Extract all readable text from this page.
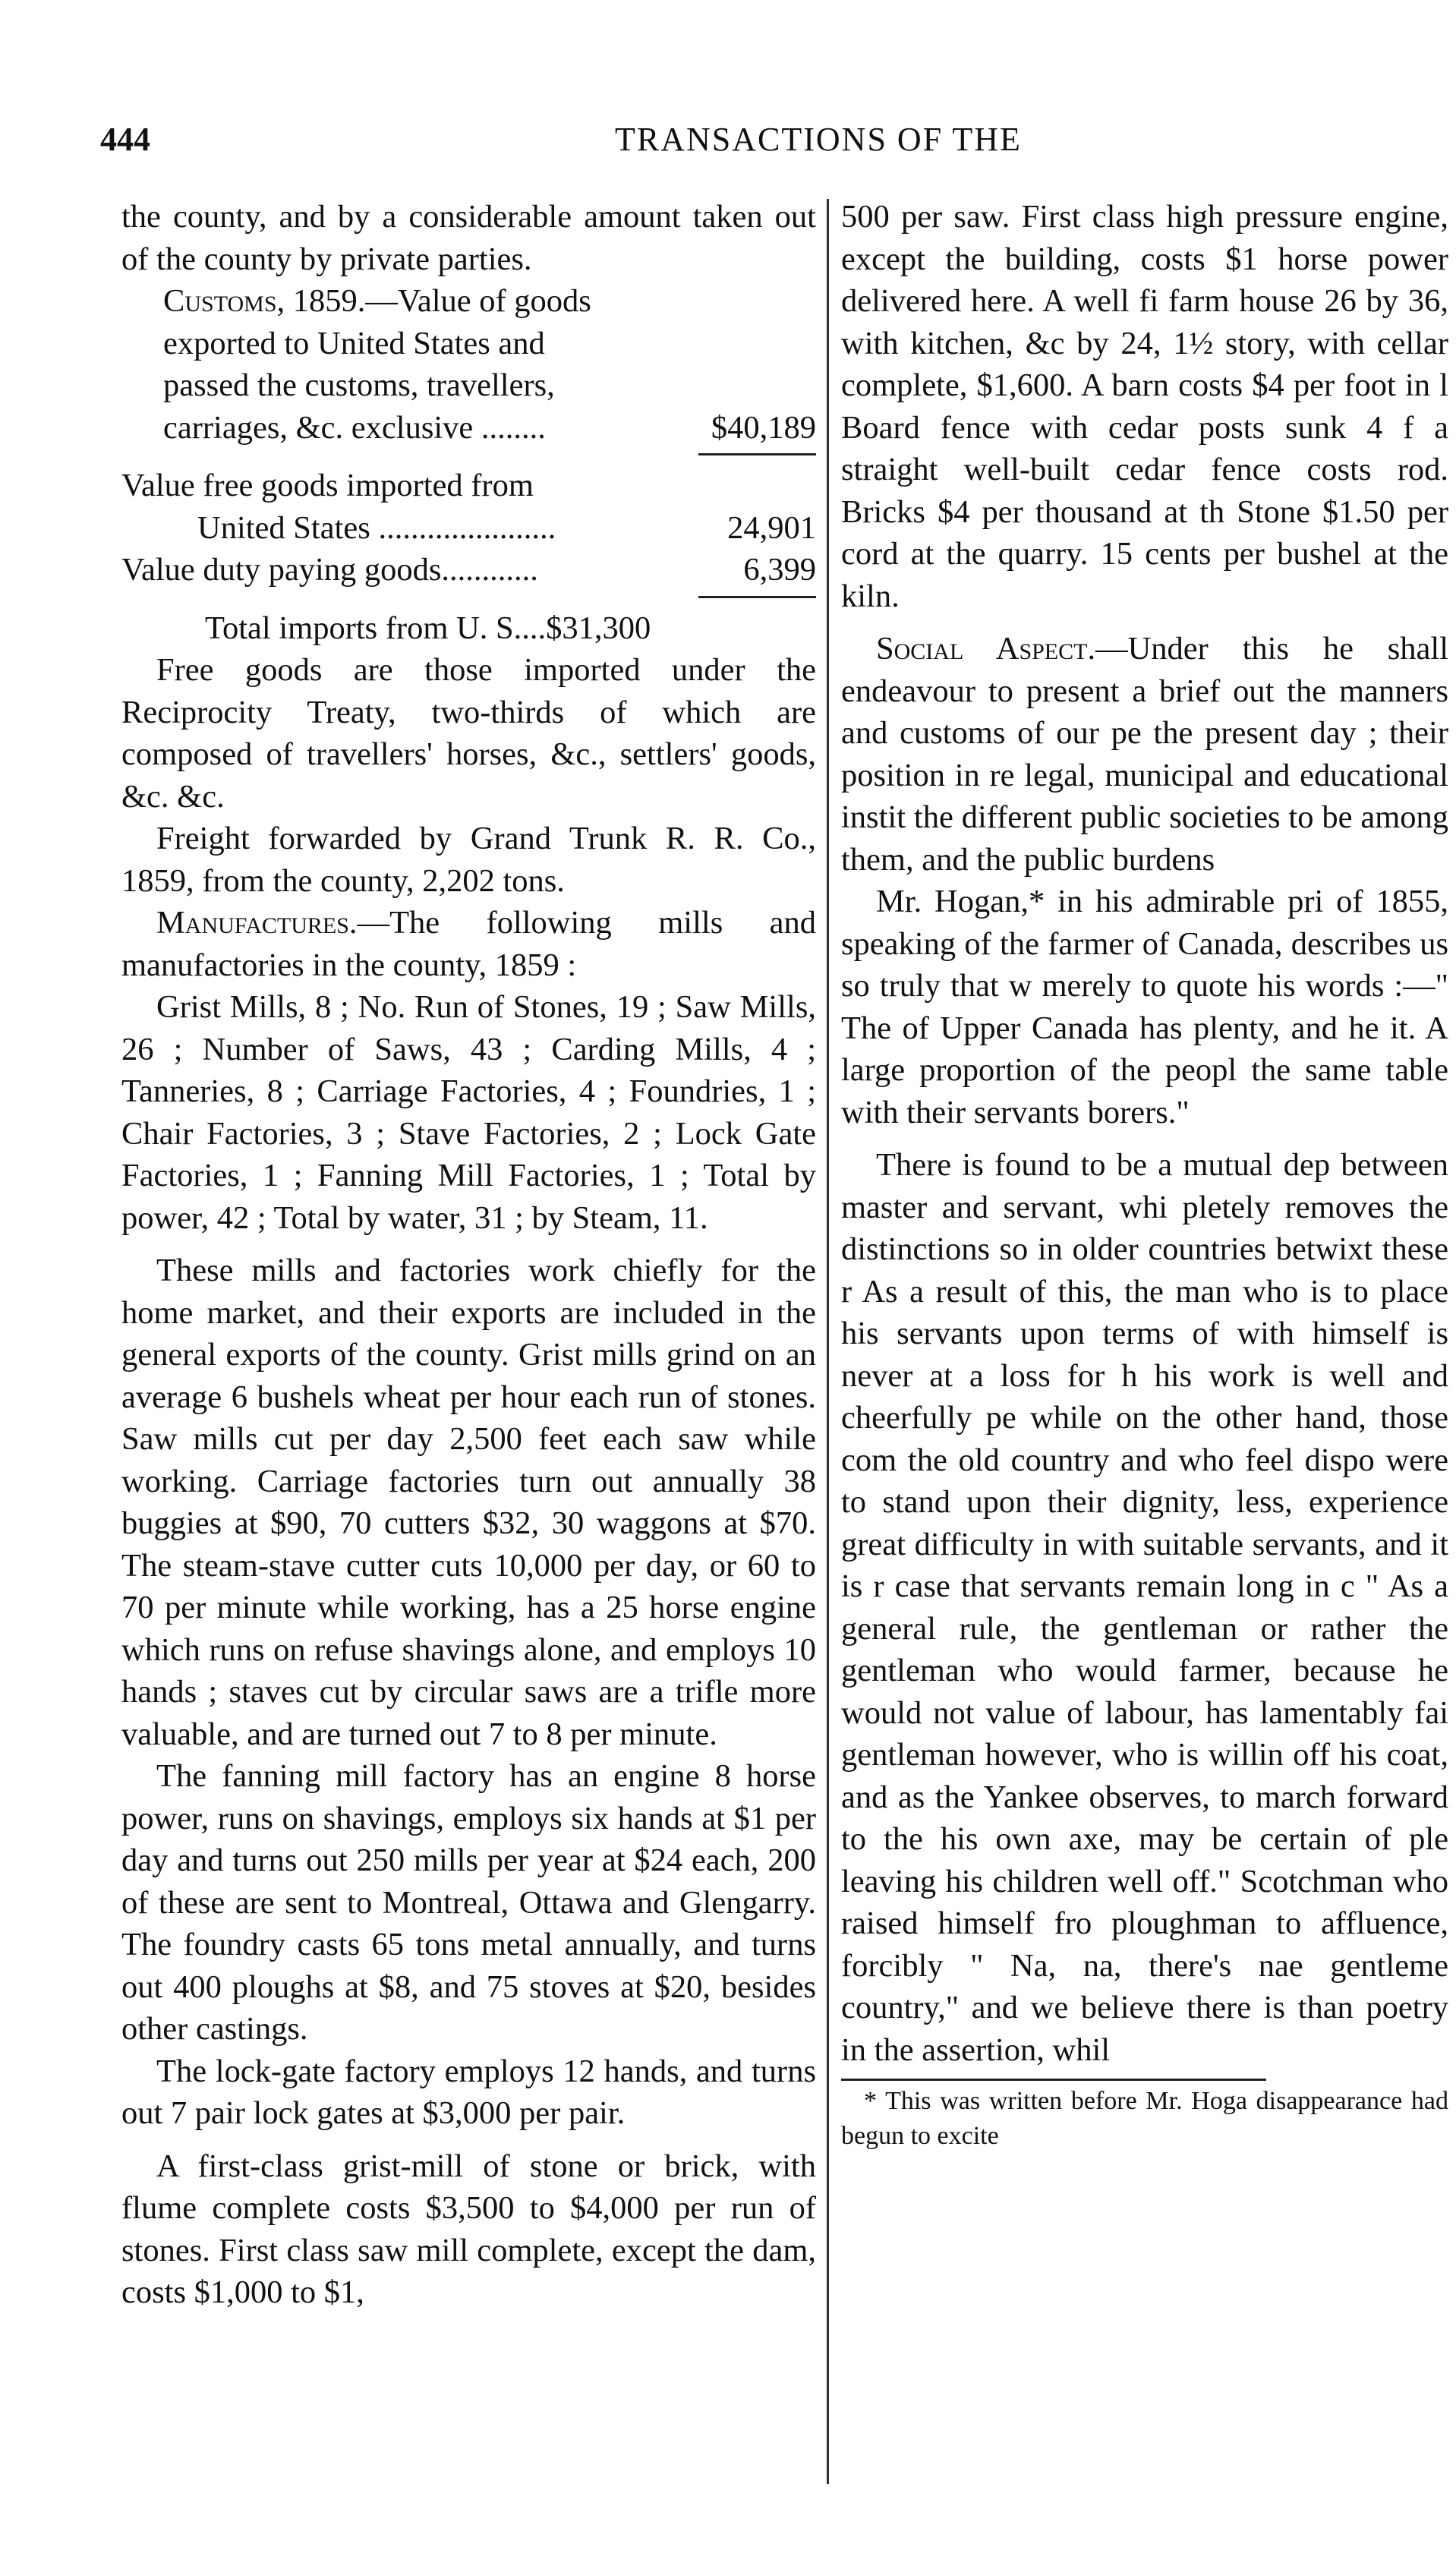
444	TRANSACTIONS OF THE

the county, and by a considerable amount taken out of the county by private parties.

Customs, 1859.—Value of goods

exported to United States and

passed the customs, travellers,

carriages, &c. exclusive ........	$40,189

Value free goods imported from

United States ......................	24,901
Value duty paying goods............	6,399

Total imports from U. S....$31,300

Free goods are those imported under the Reciprocity Treaty, two-thirds of which are composed of travellers' horses, &c., settlers' goods, &c. &c.

Freight forwarded by Grand Trunk R. R. Co., 1859, from the county, 2,202 tons.

Manufactures.—The following mills and manufactories in the county, 1859 :

Grist Mills, 8 ; No. Run of Stones, 19 ; Saw Mills, 26 ; Number of Saws, 43 ; Carding Mills, 4 ; Tanneries, 8 ; Carriage Factories, 4 ; Foundries, 1 ; Chair Factories, 3 ; Stave Factories, 2 ; Lock Gate Factories, 1 ; Fanning Mill Factories, 1 ; Total by power, 42 ; Total by water, 31 ; by Steam, 11.

These mills and factories work chiefly for the home market, and their exports are included in the general exports of the county. Grist mills grind on an average 6 bushels wheat per hour each run of stones. Saw mills cut per day 2,500 feet each saw while working. Carriage factories turn out annually 38 buggies at $90, 70 cutters $32, 30 waggons at $70. The steam-stave cutter cuts 10,000 per day, or 60 to 70 per minute while working, has a 25 horse engine which runs on refuse shavings alone, and employs 10 hands ; staves cut by circular saws are a trifle more valuable, and are turned out 7 to 8 per minute.

The fanning mill factory has an engine 8 horse power, runs on shavings, employs six hands at $1 per day and turns out 250 mills per year at $24 each, 200 of these are sent to Montreal, Ottawa and Glengarry. The foundry casts 65 tons metal annually, and turns out 400 ploughs at $8, and 75 stoves at $20, besides other castings.

The lock-gate factory employs 12 hands, and turns out 7 pair lock gates at $3,000 per pair.

A first-class grist-mill of stone or brick, with flume complete costs $3,500 to $4,000 per run of stones. First class saw mill complete, except the dam, costs $1,000 to $1,

500 per saw. First class high pressure engine, except the building, costs $1 horse power delivered here. A well fi farm house 26 by 36, with kitchen, &c by 24, 1½ story, with cellar complete, $1,600. A barn costs $4 per foot in l Board fence with cedar posts sunk 4 f a straight well-built cedar fence costs rod. Bricks $4 per thousand at th Stone $1.50 per cord at the quarry. 15 cents per bushel at the kiln.

Social Aspect.—Under this he shall endeavour to present a brief out the manners and customs of our pe the present day ; their position in re legal, municipal and educational instit the different public societies to be among them, and the public burdens

Mr. Hogan,* in his admirable pri of 1855, speaking of the farmer of Canada, describes us so truly that w merely to quote his words :—" The of Upper Canada has plenty, and he it. A large proportion of the peopl the same table with their servants borers."

There is found to be a mutual dep between master and servant, whi pletely removes the distinctions so in older countries betwixt these r As a result of this, the man who is to place his servants upon terms of with himself is never at a loss for h his work is well and cheerfully pe while on the other hand, those com the old country and who feel dispo were to stand upon their dignity, less, experience great difficulty in with suitable servants, and it is r case that servants remain long in c " As a general rule, the gentleman or rather the gentleman who would farmer, because he would not value of labour, has lamentably fai gentleman however, who is willin off his coat, and as the Yankee observes, to march forward to the his own axe, may be certain of ple leaving his children well off." Scotchman who raised himself fro ploughman to affluence, forcibly " Na, na, there's nae gentleme country," and we believe there is than poetry in the assertion, whil

* This was written before Mr. Hoga disappearance had begun to excite
